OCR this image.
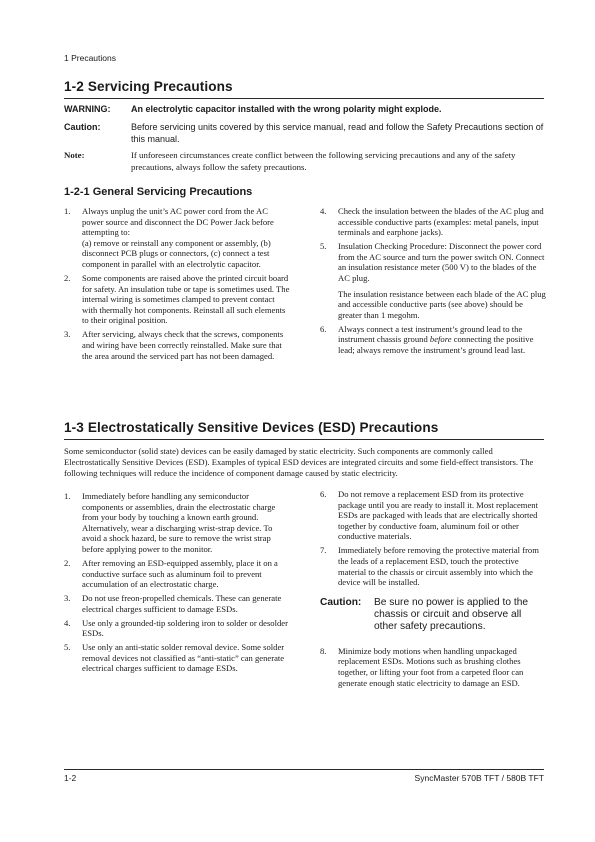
1 Precautions
1-2 Servicing Precautions
WARNING:	An electrolytic capacitor installed with the wrong polarity might explode.
Caution:	Before servicing units covered by this service manual, read and follow the Safety Precautions section of this manual.
Note:	If unforeseen circumstances create conflict between the following servicing precautions and any of the safety precautions, always follow the safety precautions.
1-2-1 General Servicing Precautions
1. Always unplug the unit’s AC power cord from the AC power source and disconnect the DC Power Jack before attempting to:
(a) remove or reinstall any component or assembly, (b) disconnect PCB plugs or connectors, (c) connect a test component in parallel with an electrolytic capacitor.
2. Some components are raised above the printed circuit board for safety. An insulation tube or tape is sometimes used. The internal wiring is sometimes clamped to prevent contact with thermally hot components. Reinstall all such elements to their original position.
3. After servicing, always check that the screws, components and wiring have been correctly reinstalled. Make sure that the area around the serviced part has not been damaged.
4. Check the insulation between the blades of the AC plug and accessible conductive parts (examples: metal panels, input terminals and earphone jacks).
5. Insulation Checking Procedure: Disconnect the power cord from the AC source and turn the power switch ON. Connect an insulation resistance meter (500 V) to the blades of the AC plug.
The insulation resistance between each blade of the AC plug and accessible conductive parts (see above) should be greater than 1 megohm.
6. Always connect a test instrument’s ground lead to the instrument chassis ground before connecting the positive lead; always remove the instrument’s ground lead last.
1-3 Electrostatically Sensitive Devices (ESD) Precautions
Some semiconductor (solid state) devices can be easily damaged by static electricity. Such components are commonly called Electrostatically Sensitive Devices (ESD). Examples of typical ESD devices are integrated circuits and some field-effect transistors. The following techniques will reduce the incidence of component damage caused by static electricity.
1. Immediately before handling any semiconductor components or assemblies, drain the electrostatic charge from your body by touching a known earth ground. Alternatively, wear a discharging wrist-strap device. To avoid a shock hazard, be sure to remove the wrist strap before applying power to the monitor.
2. After removing an ESD-equipped assembly, place it on a conductive surface such as aluminum foil to prevent accumulation of an electrostatic charge.
3. Do not use freon-propelled chemicals. These can generate electrical charges sufficient to damage ESDs.
4. Use only a grounded-tip soldering iron to solder or desolder ESDs.
5. Use only an anti-static solder removal device. Some solder removal devices not classified as “anti-static” can generate electrical charges sufficient to damage ESDs.
6. Do not remove a replacement ESD from its protective package until you are ready to install it. Most replacement ESDs are packaged with leads that are electrically shorted together by conductive foam, aluminum foil or other conductive materials.
7. Immediately before removing the protective material from the leads of a replacement ESD, touch the protective material to the chassis or circuit assembly into which the device will be installed.
Caution: Be sure no power is applied to the chassis or circuit and observe all other safety precautions.
8. Minimize body motions when handling unpackaged replacement ESDs. Motions such as brushing clothes together, or lifting your foot from a carpeted floor can generate enough static electricity to damage an ESD.
1-2	SyncMaster 570B TFT / 580B TFT
